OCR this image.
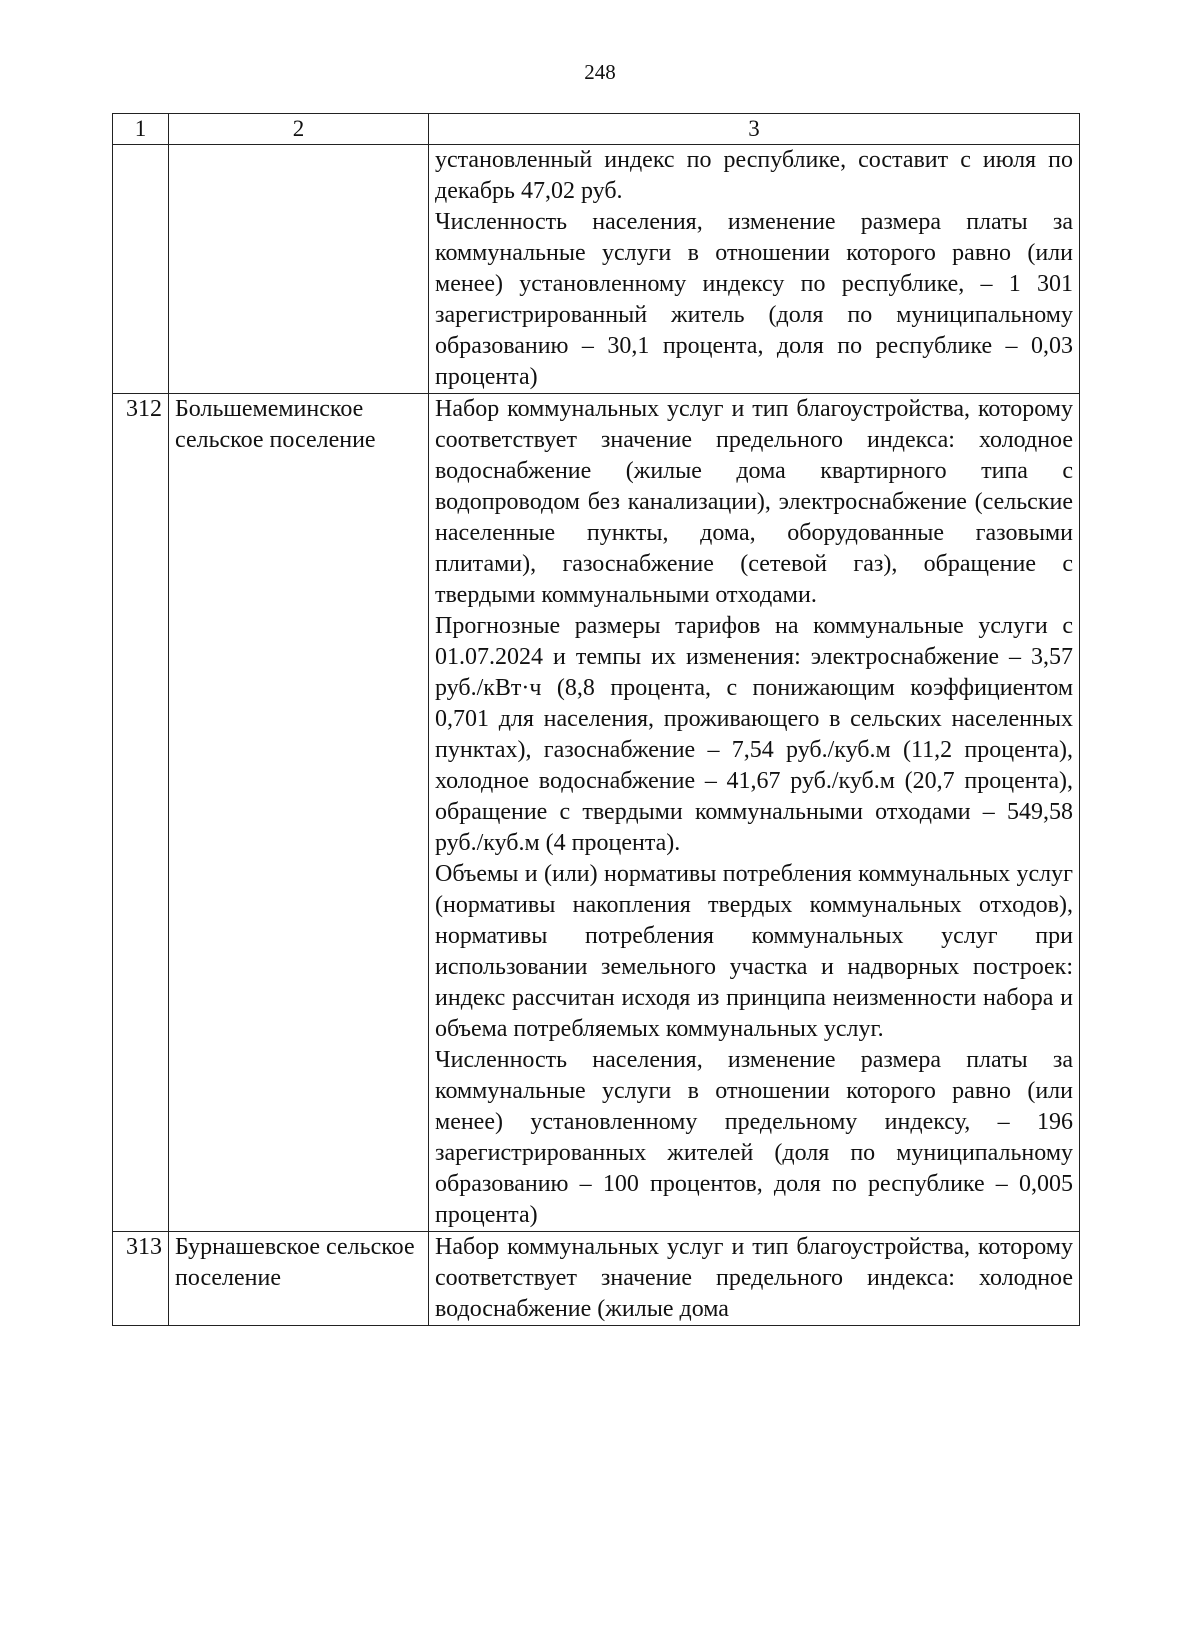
248
1	2	3

		установленный индекс по республике, составит с июля по декабрь 47,02 руб.

Численность населения, изменение размера платы за коммунальные услуги в отношении которого равно (или менее) установленному индексу по республике, – 1 301 зарегистрированный житель (доля по муниципальному образованию – 30,1 процента, доля по республике – 0,03 процента)

312	Большемеминское сельское поселение	Набор коммунальных услуг и тип благоустройства, которому соответствует значение предельного индекса: холодное водоснабжение (жилые дома квартирного типа с водопроводом без канализации), электроснабжение (сельские населенные пункты, дома, оборудованные газовыми плитами), газоснабжение (сетевой газ), обращение с твердыми коммунальными отходами.

Прогнозные размеры тарифов на коммунальные услуги с 01.07.2024 и темпы их изменения: электроснабжение – 3,57 руб./кВт·ч (8,8 процента, с понижающим коэффициентом 0,701 для населения, проживающего в сельских населенных пунктах), газоснабжение – 7,54 руб./куб.м (11,2 процента), холодное водоснабжение – 41,67 руб./куб.м (20,7 процента), обращение с твердыми коммунальными отходами – 549,58 руб./куб.м (4 процента).

Объемы и (или) нормативы потребления коммунальных услуг (нормативы накопления твердых коммунальных отходов), нормативы потребления коммунальных услуг при использовании земельного участка и надворных построек: индекс рассчитан исходя из принципа неизменности набора и объема потребляемых коммунальных услуг.

Численность населения, изменение размера платы за коммунальные услуги в отношении которого равно (или менее) установленному предельному индексу, – 196 зарегистрированных жителей (доля по муниципальному образованию – 100 процентов, доля по республике – 0,005 процента)

313	Бурнашевское сельское поселение	Набор коммунальных услуг и тип благоустройства, которому соответствует значение предельного индекса: холодное водоснабжение (жилые дома
